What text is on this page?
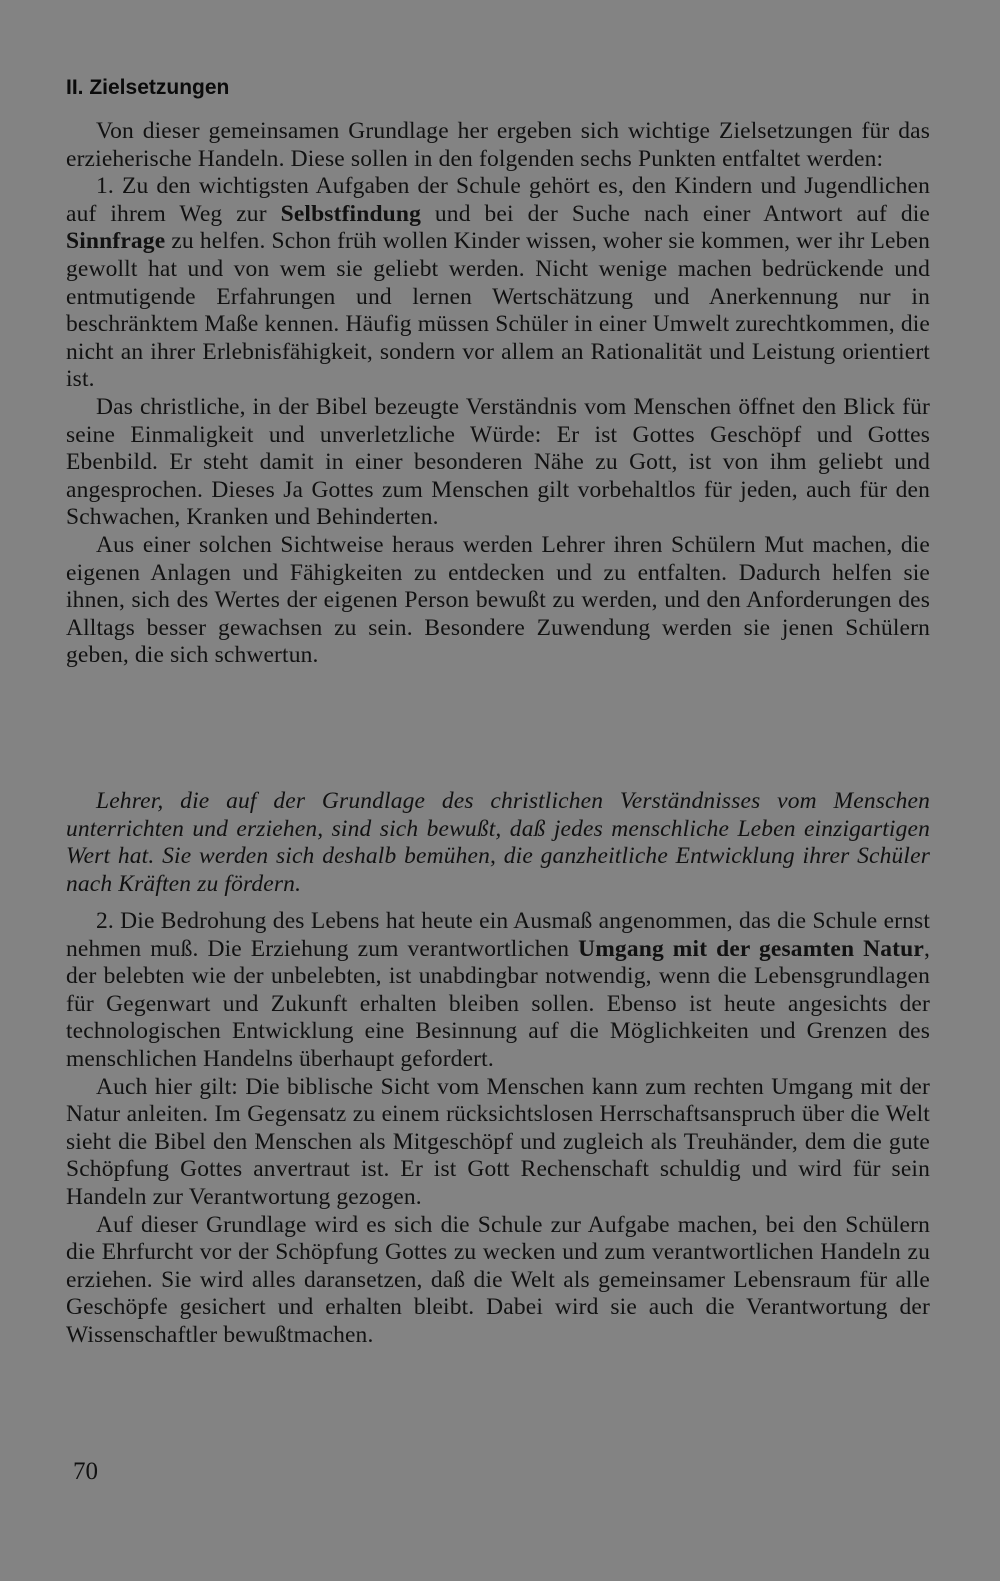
II. Zielsetzungen

Von dieser gemeinsamen Grundlage her ergeben sich wichtige Zielsetzungen für das erzieherische Handeln. Diese sollen in den folgenden sechs Punkten entfaltet werden:

1. Zu den wichtigsten Aufgaben der Schule gehört es, den Kindern und Jugendlichen auf ihrem Weg zur Selbstfindung und bei der Suche nach einer Antwort auf die Sinnfrage zu helfen. Schon früh wollen Kinder wissen, woher sie kommen, wer ihr Leben gewollt hat und von wem sie geliebt werden. Nicht wenige machen bedrückende und entmutigende Erfahrungen und lernen Wertschätzung und Anerkennung nur in beschränktem Maße kennen. Häufig müssen Schüler in einer Umwelt zurechtkommen, die nicht an ihrer Erlebnisfähigkeit, sondern vor allem an Rationalität und Leistung orientiert ist.

Das christliche, in der Bibel bezeugte Verständnis vom Menschen öffnet den Blick für seine Einmaligkeit und unverletzliche Würde: Er ist Gottes Geschöpf und Gottes Ebenbild. Er steht damit in einer besonderen Nähe zu Gott, ist von ihm geliebt und angesprochen. Dieses Ja Gottes zum Menschen gilt vorbehaltlos für jeden, auch für den Schwachen, Kranken und Behinderten.

Aus einer solchen Sichtweise heraus werden Lehrer ihren Schülern Mut machen, die eigenen Anlagen und Fähigkeiten zu entdecken und zu entfalten. Dadurch helfen sie ihnen, sich des Wertes der eigenen Person bewußt zu werden, und den Anforderungen des Alltags besser gewachsen zu sein. Besondere Zuwendung werden sie jenen Schülern geben, die sich schwertun.

Lehrer, die auf der Grundlage des christlichen Verständnisses vom Menschen unterrichten und erziehen, sind sich bewußt, daß jedes menschliche Leben einzigartigen Wert hat. Sie werden sich deshalb bemühen, die ganzheitliche Entwicklung ihrer Schüler nach Kräften zu fördern.

2. Die Bedrohung des Lebens hat heute ein Ausmaß angenommen, das die Schule ernst nehmen muß. Die Erziehung zum verantwortlichen Umgang mit der gesamten Natur, der belebten wie der unbelebten, ist unabdingbar notwendig, wenn die Lebensgrundlagen für Gegenwart und Zukunft erhalten bleiben sollen. Ebenso ist heute angesichts der technologischen Entwicklung eine Besinnung auf die Möglichkeiten und Grenzen des menschlichen Handelns überhaupt gefordert.

Auch hier gilt: Die biblische Sicht vom Menschen kann zum rechten Umgang mit der Natur anleiten. Im Gegensatz zu einem rücksichtslosen Herrschaftsanspruch über die Welt sieht die Bibel den Menschen als Mitgeschöpf und zugleich als Treuhänder, dem die gute Schöpfung Gottes anvertraut ist. Er ist Gott Rechenschaft schuldig und wird für sein Handeln zur Verantwortung gezogen.

Auf dieser Grundlage wird es sich die Schule zur Aufgabe machen, bei den Schülern die Ehrfurcht vor der Schöpfung Gottes zu wecken und zum verantwortlichen Handeln zu erziehen. Sie wird alles daransetzen, daß die Welt als gemeinsamer Lebensraum für alle Geschöpfe gesichert und erhalten bleibt. Dabei wird sie auch die Verantwortung der Wissenschaftler bewußtmachen.

70
